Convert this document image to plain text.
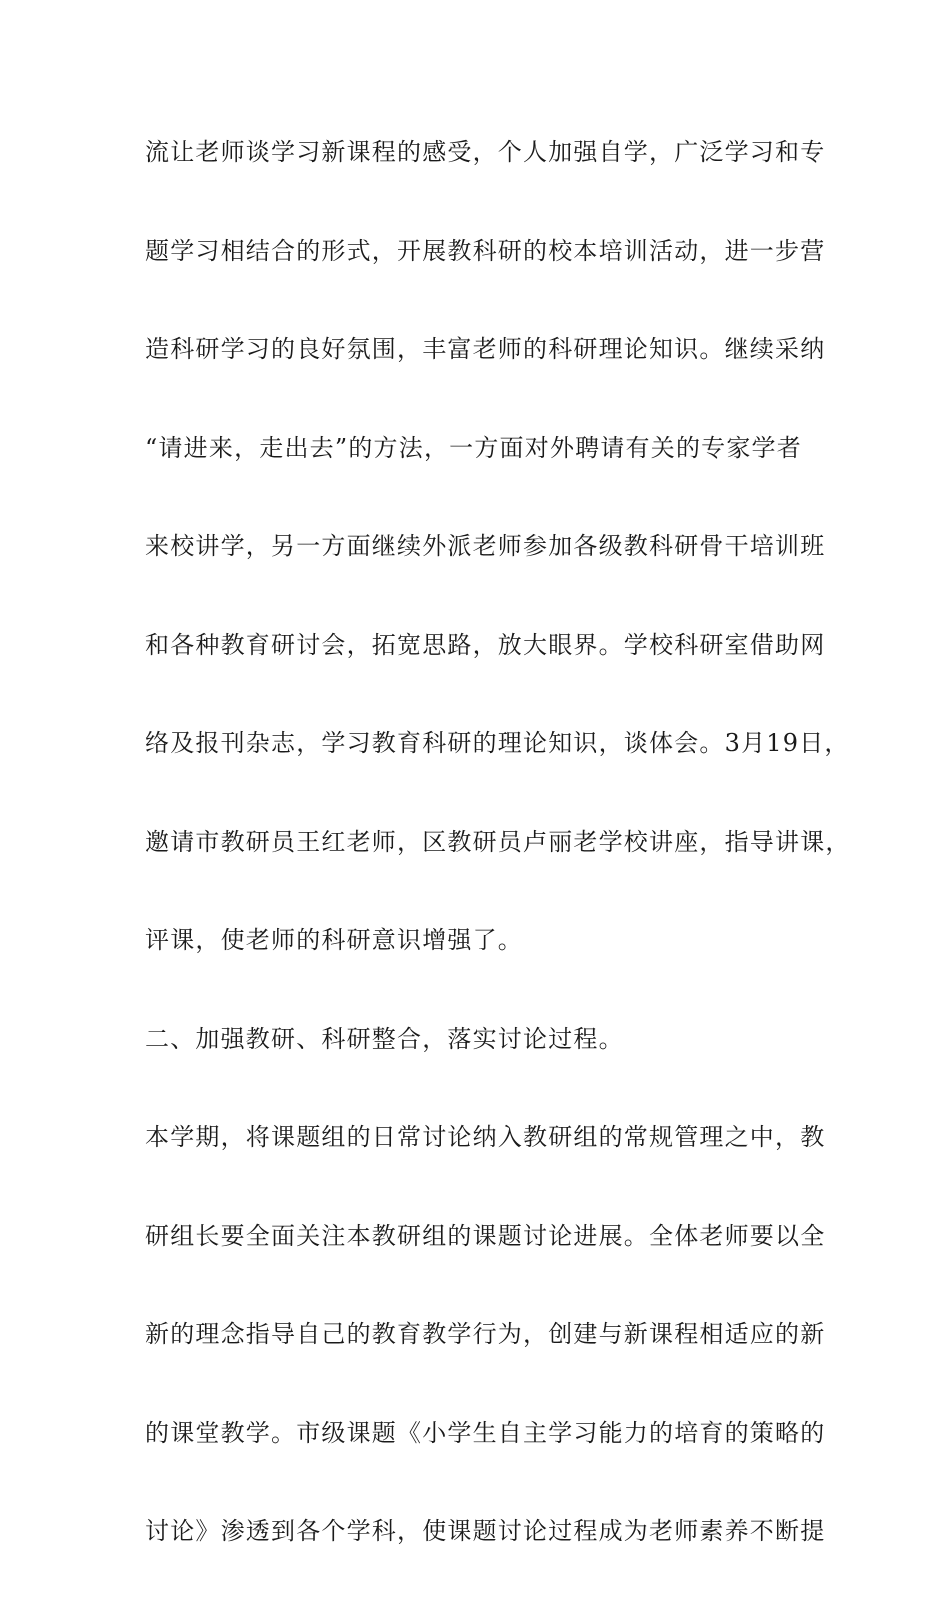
流让老师谈学习新课程的感受，个人加强自学，广泛学习和专
题学习相结合的形式，开展教科研的校本培训活动，进一步营
造科研学习的良好氛围，丰富老师的科研理论知识。继续采纳
“请进来，走出去”的方法，一方面对外聘请有关的专家学者
来校讲学，另一方面继续外派老师参加各级教科研骨干培训班
和各种教育研讨会，拓宽思路，放大眼界。学校科研室借助网
络及报刊杂志，学习教育科研的理论知识，谈体会。3月19日，
邀请市教研员王红老师，区教研员卢丽老学校讲座，指导讲课，
评课，使老师的科研意识增强了。
二、加强教研、科研整合，落实讨论过程。
本学期，将课题组的日常讨论纳入教研组的常规管理之中，教
研组长要全面关注本教研组的课题讨论进展。全体老师要以全
新的理念指导自己的教育教学行为，创建与新课程相适应的新
的课堂教学。市级课题《小学生自主学习能力的培育的策略的
讨论》渗透到各个学科，使课题讨论过程成为老师素养不断提
